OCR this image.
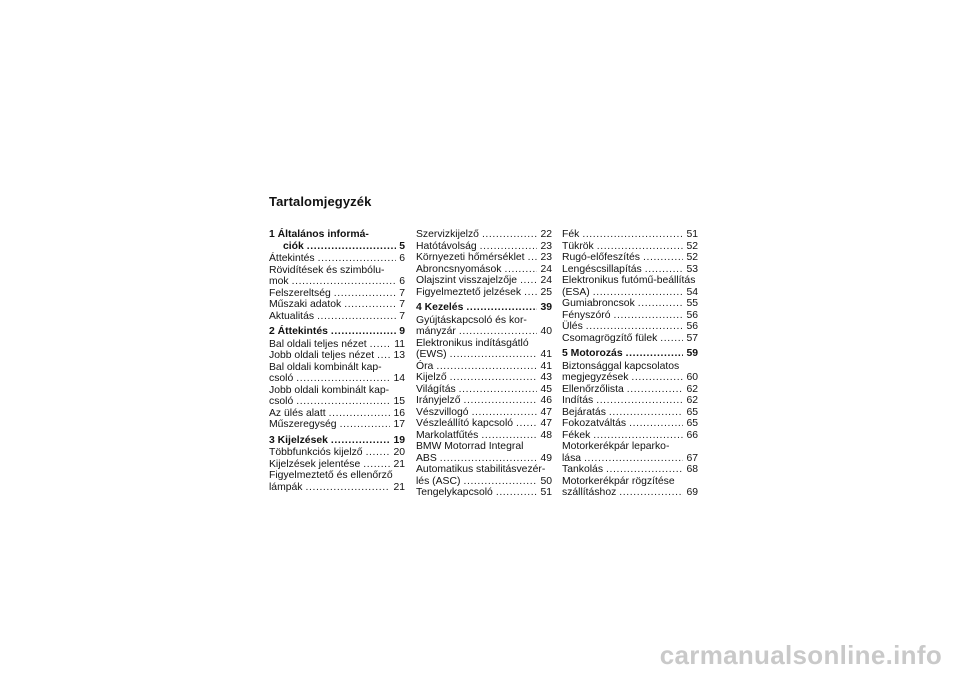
Tartalomjegyzék
1 Általános informá-
ciók .....	5
Áttekintés .....	6
Rövidítések és szimbólu-
mok .....	6
Felszereltség .....	7
Műszaki adatok .....	7
Aktualitás .....	7
2 Áttekintés .....	9
Bal oldali teljes nézet .....	11
Jobb oldali teljes nézet ..... 13
Bal oldali kombinált kap-
csoló .....	14
Jobb oldali kombinált kap-
csoló .....	15
Az ülés alatt .....	16
Műszeregység .....	17
3 Kijelzések .....	19
Többfunkciós kijelző .....	20
Kijelzések jelentése .....	21
Figyelmeztető és ellenőrző
lámpák .....	21
Szervizkijelző .....	22
Hatótávolság .....	23
Környezeti hőmérséklet ..... 23
Abroncsnyomások .....	24
Olajszint visszajelzője ..... 24
Figyelmeztető jelzések ..... 25
4 Kezelés .....	39
Gyújtáskapcsoló és kor-
mányzár .....	40
Elektronikus indításgátló
(EWS) .....	41
Óra .....	41
Kijelző .....	43
Világítás .....	45
Irányjelző .....	46
Vészvillogó .....	47
Vészleállító kapcsoló .....	47
Markolatfűtés .....	48
BMW Motorrad Integral
ABS .....	49
Automatikus stabilitásvezér-
lés (ASC) .....	50
Tengelykapcsoló .....	51
Fék .....	51
Tükrök .....	52
Rugó-előfeszítés .....	52
Lengéscsillapítás .....	53
Elektronikus futómű-beállítás
(ESA) .....	54
Gumiabroncsok .....	55
Fényszóró .....	56
Ülés .....	56
Csomagrögzítő fülek .....	57
5 Motorozás .....	59
Biztonsággal kapcsolatos
megjegyzések .....	60
Ellenőrzőlista .....	62
Indítás .....	62
Bejáratás .....	65
Fokozatváltás .....	65
Fékek .....	66
Motorkerékpár leparko-
lása .....	67
Tankolás .....	68
Motorkerékpár rögzítése
szállításhoz .....	69
carmanualsonline.info
